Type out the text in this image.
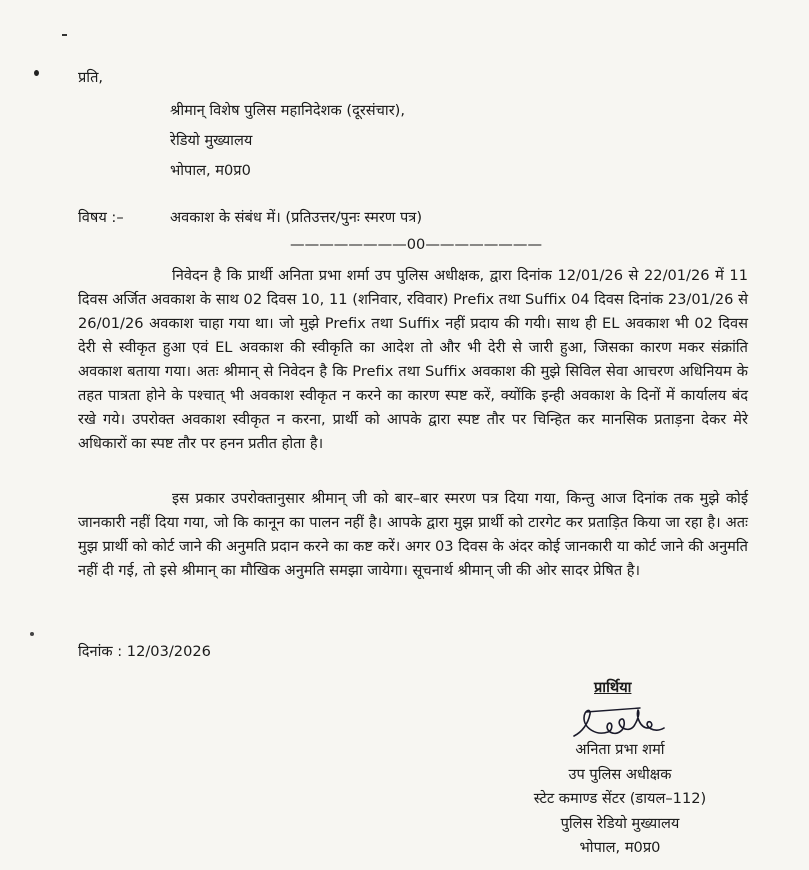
प्रति,
श्रीमान् विशेष पुलिस महानिदेशक (दूरसंचार),
रेडियो मुख्यालय
भोपाल, म0प्र0
विषय :–	अवकाश के संबंध में। (प्रतिउत्तर/पुनः स्मरण पत्र)
————————00————————
निवेदन है कि प्रार्थी अनिता प्रभा शर्मा उप पुलिस अधीक्षक, द्वारा दिनांक 12/01/26 से 22/01/26 में 11 दिवस अर्जित अवकाश के साथ 02 दिवस 10, 11 (शनिवार, रविवार) Prefix तथा Suffix 04 दिवस दिनांक 23/01/26 से 26/01/26 अवकाश चाहा गया था। जो मुझे Prefix तथा Suffix नहीं प्रदाय की गयी। साथ ही EL अवकाश भी 02 दिवस देरी से स्वीकृत हुआ एवं EL अवकाश की स्वीकृति का आदेश तो और भी देरी से जारी हुआ, जिसका कारण मकर संक्रांति अवकाश बताया गया। अतः श्रीमान् से निवेदन है कि Prefix तथा Suffix अवकाश की मुझे सिविल सेवा आचरण अधिनियम के तहत पात्रता होने के पश्चात् भी अवकाश स्वीकृत न करने का कारण स्पष्ट करें, क्योंकि इन्ही अवकाश के दिनों में कार्यालय बंद रखे गये। उपरोक्त अवकाश स्वीकृत न करना, प्रार्थी को आपके द्वारा स्पष्ट तौर पर चिन्हित कर मानसिक प्रताड़ना देकर मेरे अधिकारों का स्पष्ट तौर पर हनन प्रतीत होता है।
इस प्रकार उपरोक्तानुसार श्रीमान् जी को बार–बार स्मरण पत्र दिया गया, किन्तु आज दिनांक तक मुझे कोई जानकारी नहीं दिया गया, जो कि कानून का पालन नहीं है। आपके द्वारा मुझ प्रार्थी को टारगेट कर प्रताड़ित किया जा रहा है। अतः मुझ प्रार्थी को कोर्ट जाने की अनुमति प्रदान करने का कष्ट करें। अगर 03 दिवस के अंदर कोई जानकारी या कोर्ट जाने की अनुमति नहीं दी गई, तो इसे श्रीमान् का मौखिक अनुमति समझा जायेगा। सूचनार्थ श्रीमान् जी की ओर सादर प्रेषित है।
दिनांक : 12/03/2026
प्रार्थिया
अनिता प्रभा शर्मा
उप पुलिस अधीक्षक
स्टेट कमाण्ड सेंटर (डायल–112)
पुलिस रेडियो मुख्यालय
भोपाल, म0प्र0
